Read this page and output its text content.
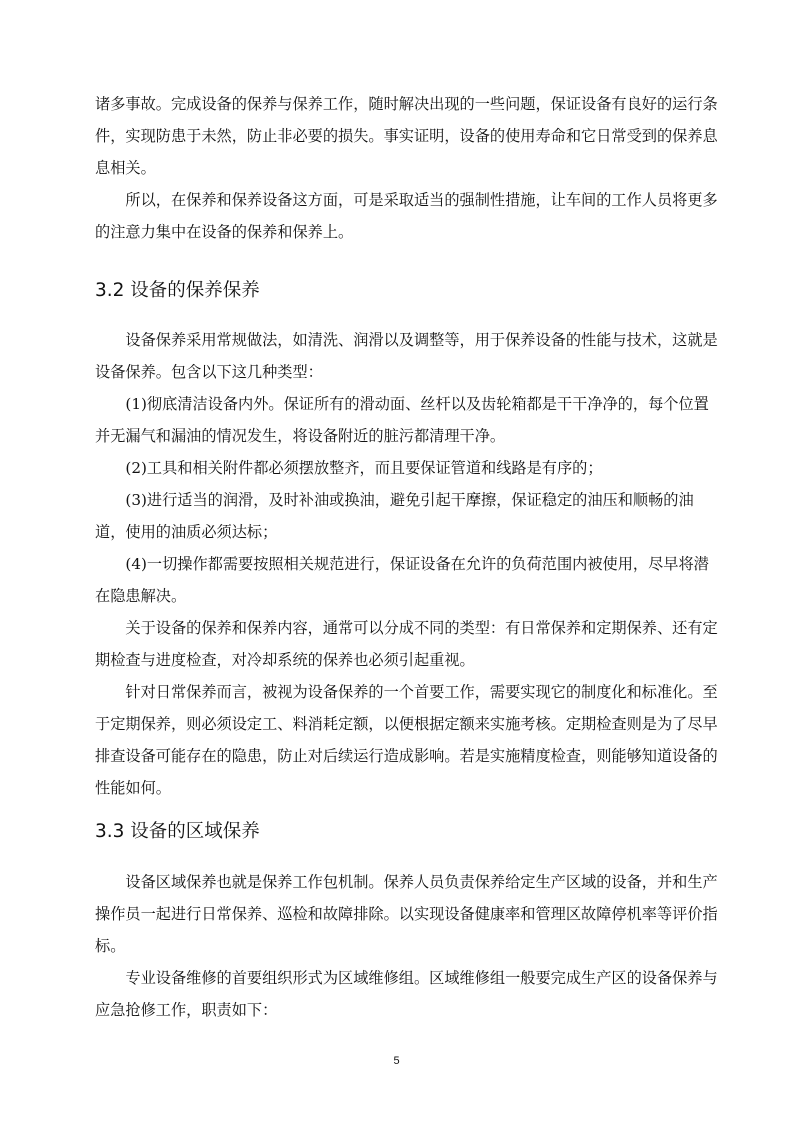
诸多事故。完成设备的保养与保养工作，随时解决出现的一些问题，保证设备有良好的运行条件，实现防患于未然，防止非必要的损失。事实证明，设备的使用寿命和它日常受到的保养息息相关。

所以，在保养和保养设备这方面，可是采取适当的强制性措施，让车间的工作人员将更多的注意力集中在设备的保养和保养上。

3.2 设备的保养保养

设备保养采用常规做法，如清洗、润滑以及调整等，用于保养设备的性能与技术，这就是设备保养。包含以下这几种类型：

(1)彻底清洁设备内外。保证所有的滑动面、丝杆以及齿轮箱都是干干净净的，每个位置并无漏气和漏油的情况发生，将设备附近的脏污都清理干净。

(2)工具和相关附件都必须摆放整齐，而且要保证管道和线路是有序的；

(3)进行适当的润滑，及时补油或换油，避免引起干摩擦，保证稳定的油压和顺畅的油道，使用的油质必须达标；

(4)一切操作都需要按照相关规范进行，保证设备在允许的负荷范围内被使用，尽早将潜在隐患解决。

关于设备的保养和保养内容，通常可以分成不同的类型：有日常保养和定期保养、还有定期检查与进度检查，对冷却系统的保养也必须引起重视。

针对日常保养而言，被视为设备保养的一个首要工作，需要实现它的制度化和标准化。至于定期保养，则必须设定工、料消耗定额，以便根据定额来实施考核。定期检查则是为了尽早排查设备可能存在的隐患，防止对后续运行造成影响。若是实施精度检查，则能够知道设备的性能如何。

3.3 设备的区域保养

设备区域保养也就是保养工作包机制。保养人员负责保养给定生产区域的设备，并和生产操作员一起进行日常保养、巡检和故障排除。以实现设备健康率和管理区故障停机率等评价指标。

专业设备维修的首要组织形式为区域维修组。区域维修组一般要完成生产区的设备保养与应急抢修工作，职责如下：

5
